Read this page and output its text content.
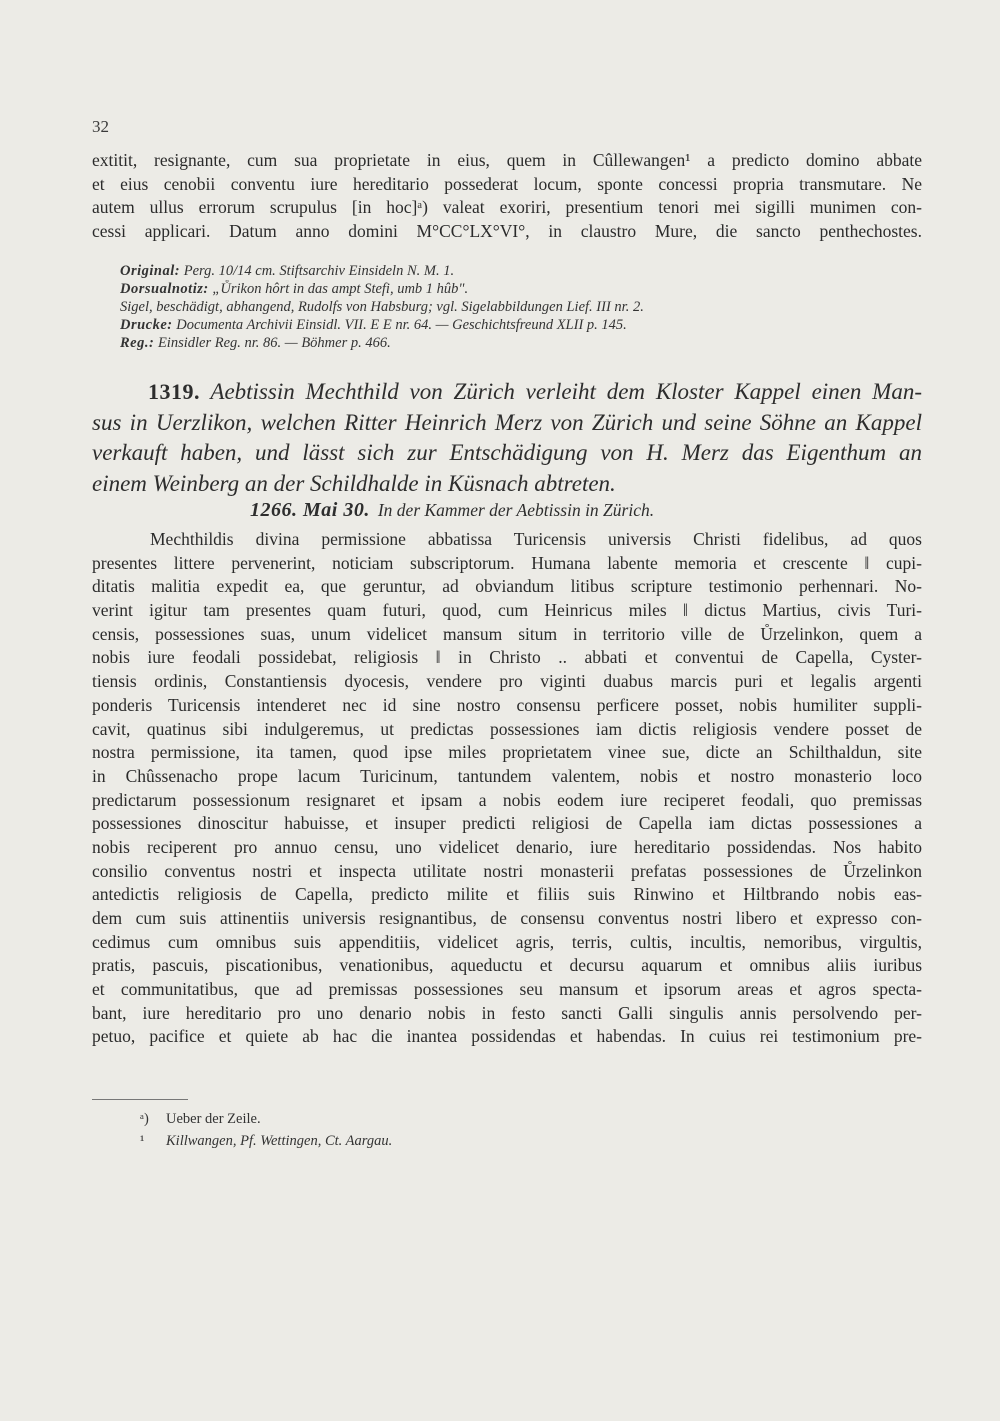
32
extitit, resignante, cum sua proprietate in eius, quem in Cûllewangen¹ a predicto domino abbate
et eius cenobii conventu iure hereditario possederat locum, sponte concessi propria transmutare. Ne
autem ullus errorum scrupulus [in hoc]ᵃ) valeat exoriri, presentium tenori mei sigilli munimen con-
cessi applicari. Datum anno domini M°CC°LX°VI°, in claustro Mure, die sancto penthechostes.
Original: Perg. 10/14 cm. Stiftsarchiv Einsideln N. M. 1.
Dorsualnotiz: „Ůrikon hôrt in das ampt Stefi, umb 1 hûb".
Sigel, beschädigt, abhangend, Rudolfs von Habsburg; vgl. Sigelabbildungen Lief. III nr. 2.
Drucke: Documenta Archivii Einsidl. VII. E E nr. 64. — Geschichtsfreund XLII p. 145.
Reg.: Einsidler Reg. nr. 86. — Böhmer p. 466.
1319. Aebtissin Mechthild von Zürich verleiht dem Kloster Kappel einen Man-
sus in Uerzlikon, welchen Ritter Heinrich Merz von Zürich und seine Söhne an Kappel
verkauft haben, und lässt sich zur Entschädigung von H. Merz das Eigenthum an
einem Weinberg an der Schildhalde in Küsnach abtreten.
1266. Mai 30. In der Kammer der Aebtissin in Zürich.
Mechthildis divina permissione abbatissa Turicensis universis Christi fidelibus, ad quos
presentes littere pervenerint, noticiam subscriptorum. Humana labente memoria et crescente ‖ cupi-
ditatis malitia expedit ea, que geruntur, ad obviandum litibus scripture testimonio perhennari. No-
verint igitur tam presentes quam futuri, quod, cum Heinricus miles ‖ dictus Martius, civis Turi-
censis, possessiones suas, unum videlicet mansum situm in territorio ville de Ůrzelinkon, quem a
nobis iure feodali possidebat, religiosis ‖ in Christo .. abbati et conventui de Capella, Cyster-
tiensis ordinis, Constantiensis dyocesis, vendere pro viginti duabus marcis puri et legalis argenti
ponderis Turicensis intenderet nec id sine nostro consensu perficere posset, nobis humiliter suppli-
cavit, quatinus sibi indulgeremus, ut predictas possessiones iam dictis religiosis vendere posset de
nostra permissione, ita tamen, quod ipse miles proprietatem vinee sue, dicte an Schilthaldun, site
in Chûssenacho prope lacum Turicinum, tantundem valentem, nobis et nostro monasterio loco
predictarum possessionum resignaret et ipsam a nobis eodem iure reciperet feodali, quo premissas
possessiones dinoscitur habuisse, et insuper predicti religiosi de Capella iam dictas possessiones a
nobis reciperent pro annuo censu, uno videlicet denario, iure hereditario possidendas. Nos habito
consilio conventus nostri et inspecta utilitate nostri monasterii prefatas possessiones de Ůrzelinkon
antedictis religiosis de Capella, predicto milite et filiis suis Rinwino et Hiltbrando nobis eas-
dem cum suis attinentiis universis resignantibus, de consensu conventus nostri libero et expresso con-
cedimus cum omnibus suis appenditiis, videlicet agris, terris, cultis, incultis, nemoribus, virgultis,
pratis, pascuis, piscationibus, venationibus, aqueductu et decursu aquarum et omnibus aliis iuribus
et communitatibus, que ad premissas possessiones seu mansum et ipsorum areas et agros specta-
bant, iure hereditario pro uno denario nobis in festo sancti Galli singulis annis persolvendo per-
petuo, pacifice et quiete ab hac die inantea possidendas et habendas. In cuius rei testimonium pre-
ᵃ) Ueber der Zeile.
¹ Killwangen, Pf. Wettingen, Ct. Aargau.
